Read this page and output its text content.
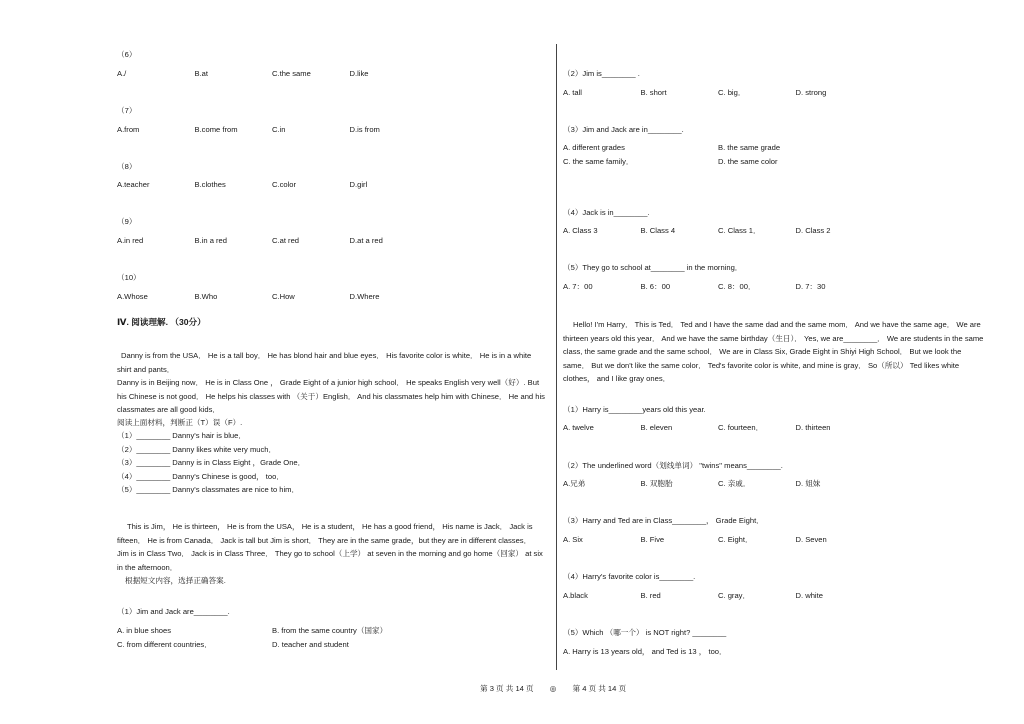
（6）
A./	B.at	C.the same	D.like
（7）
A.from	B.come from	C.in	D.is from
（8）
A.teacher	B.clothes	C.color	D.girl
（9）
A.in red	B.in a red	C.at red	D.at a red
（10）
A.Whose	B.Who	C.How	D.Where
Ⅳ. 阅读理解. （30分）
Danny is from the USA． He is a tall boy． He has blond hair and blue eyes． His favorite color is white． He is in a white shirt and pants．
Danny is in Beijing now． He is in Class One ， Grade Eight of a junior high school． He speaks English very well（好）. But his Chinese is not good． He helps his classes with （关于）English． And his classmates help him with Chinese． He and his classmates are all good kids．
阅读上面材料，判断正（T）误（F）.
（1）________ Danny's hair is blue．
（2）________ Danny likes white very much．
（3）________ Danny is in Class Eight ，Grade One．
（4）________ Danny's Chinese is good， too．
（5）________ Danny's classmates are nice to him．
This is Jim， He is thirteen， He is from the USA， He is a student， He has a good friend， His name is Jack． Jack is fifteen． He is from Canada． Jack is tall but Jim is short． They are in the same grade，but they are in different classes． Jim is in Class Two． Jack is in Class Three． They go to school（上学） at seven in the morning and go home（回家） at six in the afternoon．
根据短文内容，选择正确答案.
（1）Jim and Jack are________.
A. in blue shoes	B. from the same country（国家）
C. from different countries．	D. teacher and student
（2）Jim is________ .
A. tall	B. short	C. big．	D. strong
（3）Jim and Jack are in________.
A. different grades	B. the same grade
C. the same family．	D. the same color
（4）Jack is in________.
A. Class 3	B. Class 4	C. Class 1．	D. Class 2
（5）They go to school at________ in the morning．
A. 7：00	B. 6：00	C. 8：00．	D. 7：30
Hello! I'm Harry． This is Ted． Ted and I have the same dad and the same mom． And we have the same age． We are thirteen years old this year． And we have the same birthday（生日）． Yes, we are________． We are students in the same class, the same grade and the same school． We are in Class Six, Grade Eight in Shiyi High School． But we look the same． But we don't like the same color． Ted's favorite color is white, and mine is gray． So（所以） Ted likes white clothes， and I like gray ones．
（1）Harry is________years old this year.
A. twelve	B. eleven	C. fourteen．	D. thirteen
（2）The underlined word（划线单词） "twins" means________.
A.兄弟	B. 双胞胎	C. 亲戚．	D. 姐妹
（3）Harry and Ted are in Class________， Grade Eight．
A. Six	B. Five	C. Eight．	D. Seven
（4）Harry's favorite color is________.
A.black	B. red	C. gray．	D. white
（5）Which （哪一个） is NOT right? ________
A. Harry is 13 years old， and Ted is 13 ， too．
第 3 页 共 14 页 ◎ 第 4 页 共 14 页
